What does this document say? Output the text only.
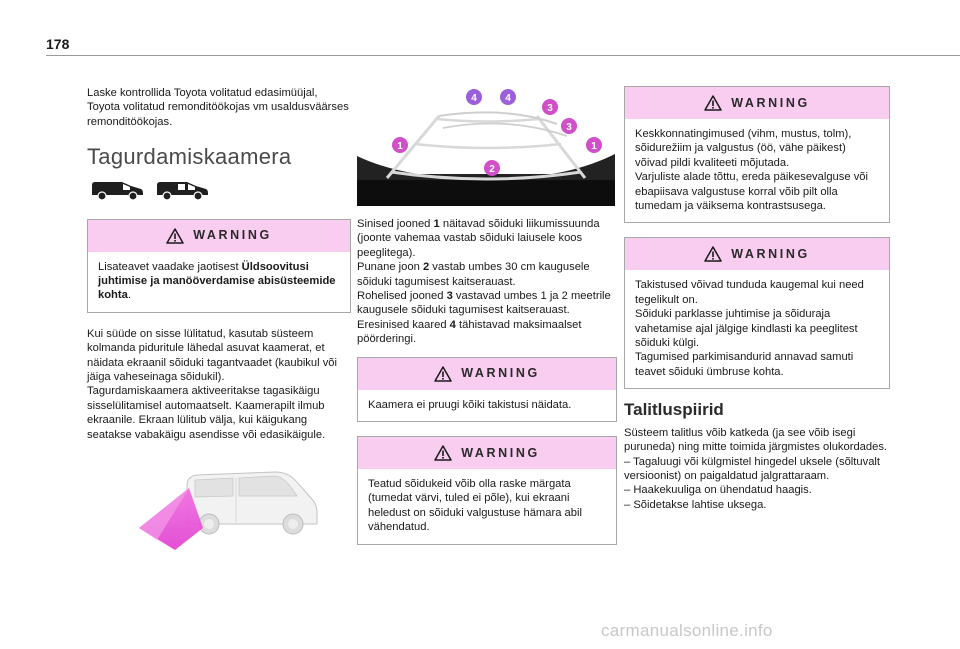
178

Laske kontrollida Toyota volitatud edasimüüjal, Toyota volitatud remonditöökojas vm usaldusväärses remonditöökojas.

Tagurdamiskaamera
WARNING
Lisateavet vaadake jaotisest Üldsoovitusi juhtimise ja manööverdamise abisüsteemide kohta.

Kui süüde on sisse lülitatud, kasutab süsteem kolmanda piduritule lähedal asuvat kaamerat, et näidata ekraanil sõiduki tagantvaadet (kaubikul või jäiga vaheseinaga sõidukil).
Tagurdamiskaamera aktiveeritakse tagasikäigu sisselülitamisel automaatselt. Kaamerapilt ilmub ekraanile. Ekraan lülitub välja, kui käigukang seatakse vabakäigu asendisse või edasikäigule.

4	4
3
3
1	1
2

Sinised jooned 1 näitavad sõiduki liikumissuunda (joonte vahemaa vastab sõiduki laiusele koos peeglitega).

Punane joon 2 vastab umbes 30 cm kaugusele sõiduki tagumisest kaitserauast.

Rohelised jooned 3 vastavad umbes 1 ja 2 meetrile kaugusele sõiduki tagumisest kaitserauast.

Eresinised kaared 4 tähistavad maksimaalset pöörderingi.

WARNING
Kaamera ei pruugi kõiki takistusi näidata.
WARNING
Teatud sõidukeid võib olla raske märgata (tumedat värvi, tuled ei põle), kui ekraani heledust on sõiduki valgustuse hämara abil vähendatud.
WARNING
Keskkonnatingimused (vihm, mustus, tolm), sõidurežiim ja valgustus (öö, vähe päikest) võivad pildi kvaliteeti mõjutada.
Varjuliste alade tõttu, ereda päikesevalguse või ebapiisava valgustuse korral võib pilt olla tumedam ja väiksema kontrastsusega.
WARNING
Takistused võivad tunduda kaugemal kui need tegelikult on.
Sõiduki parklasse juhtimise ja sõiduraja vahetamise ajal jälgige kindlasti ka peeglitest sõiduki külgi.
Tagumised parkimisandurid annavad samuti teavet sõiduki ümbruse kohta.
Talitluspiirid

Süsteem talitlus võib katkeda (ja see võib isegi puruneda) ning mitte toimida järgmistes olukordades.

– Tagaluugi või külgmistel hingedel uksele (sõltuvalt versioonist) on paigaldatud jalgrattaraam.

– Haakekuuliga on ühendatud haagis.

– Sõidetakse lahtise uksega.

carmanualsonline.info
